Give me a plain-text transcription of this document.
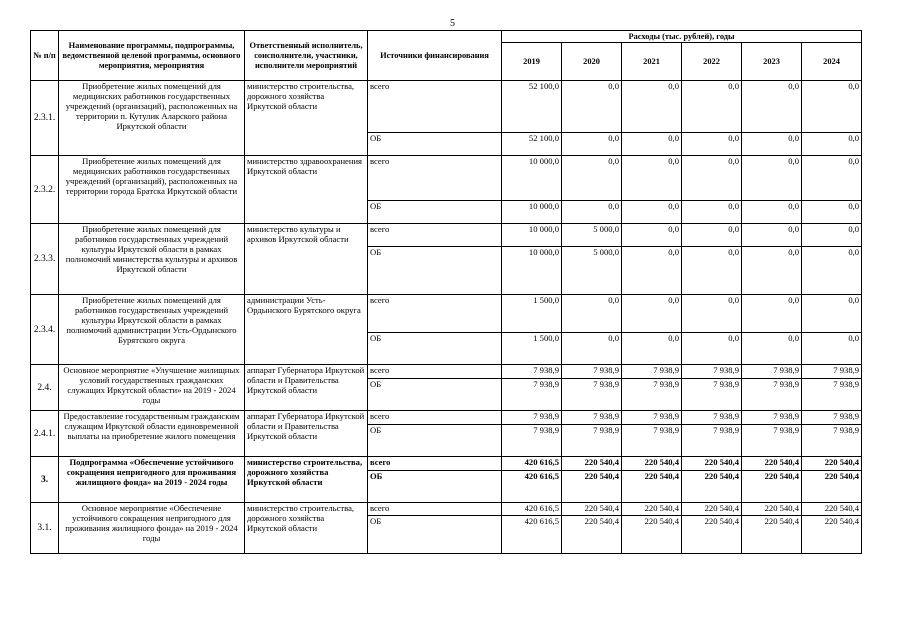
5
№ п/п	Наименование программы, подпрограммы, ведомственной целевой программы, основного мероприятия, мероприятия	Ответственный исполнитель, соисполнители, участники, исполнители мероприятий	Источники финансирования	Расходы (тыс. рублей), годы					
				2019	2020	2021	2022	2023	2024
2.3.1.	Приобретение жилых помещений для медицинских работников государственных учреждений (организаций), расположенных на территории п. Кутулик Аларского района Иркутской области	министерство строительства, дорожного хозяйства Иркутской области	всего	52 100,0	0,0	0,0	0,0	0,0	0,0
			ОБ	52 100,0	0,0	0,0	0,0	0,0	0,0
2.3.2.	Приобретение жилых помещений для медицинских работников государственных учреждений (организаций), расположенных на территории города Братска Иркутской области	министерство здравоохранения Иркутской области	всего	10 000,0	0,0	0,0	0,0	0,0	0,0
			ОБ	10 000,0	0,0	0,0	0,0	0,0	0,0
2.3.3.	Приобретение жилых помещений для работников государственных учреждений культуры Иркутской области в рамках полномочий министерства культуры и архивов Иркутской области	министерство культуры и архивов Иркутской области	всего	10 000,0	5 000,0	0,0	0,0	0,0	0,0
			ОБ	10 000,0	5 000,0	0,0	0,0	0,0	0,0
2.3.4.	Приобретение жилых помещений для работников государственных учреждений культуры Иркутской области в рамках полномочий администрации Усть-Ордынского Бурятского округа	администрации Усть-Ордынского Бурятского округа	всего	1 500,0	0,0	0,0	0,0	0,0	0,0
			ОБ	1 500,0	0,0	0,0	0,0	0,0	0,0
2.4.	Основное мероприятие «Улучшение жилищных условий государственных гражданских служащих Иркутской области» на 2019 - 2024 годы	аппарат Губернатора Иркутской области и Правительства Иркутской области	всего	7 938,9	7 938,9	7 938,9	7 938,9	7 938,9	7 938,9
			ОБ	7 938,9	7 938,9	7 938,9	7 938,9	7 938,9	7 938,9
2.4.1.	Предоставление государственным гражданским служащим Иркутской области единовременной выплаты на приобретение жилого помещения	аппарат Губернатора Иркутской области и Правительства Иркутской области	всего	7 938,9	7 938,9	7 938,9	7 938,9	7 938,9	7 938,9
			ОБ	7 938,9	7 938,9	7 938,9	7 938,9	7 938,9	7 938,9
3.	Подпрограмма «Обеспечение устойчивого сокращения непригодного для проживания жилищного фонда» на 2019 - 2024 годы	министерство строительства, дорожного хозяйства Иркутской области	всего	420 616,5	220 540,4	220 540,4	220 540,4	220 540,4	220 540,4
			ОБ	420 616,5	220 540,4	220 540,4	220 540,4	220 540,4	220 540,4
3.1.	Основное мероприятие «Обеспечение устойчивого сокращения непригодного для проживания жилищного фонда» на 2019 - 2024 годы	министерство строительства, дорожного хозяйства Иркутской области	всего	420 616,5	220 540,4	220 540,4	220 540,4	220 540,4	220 540,4
			ОБ	420 616,5	220 540,4	220 540,4	220 540,4	220 540,4	220 540,4
